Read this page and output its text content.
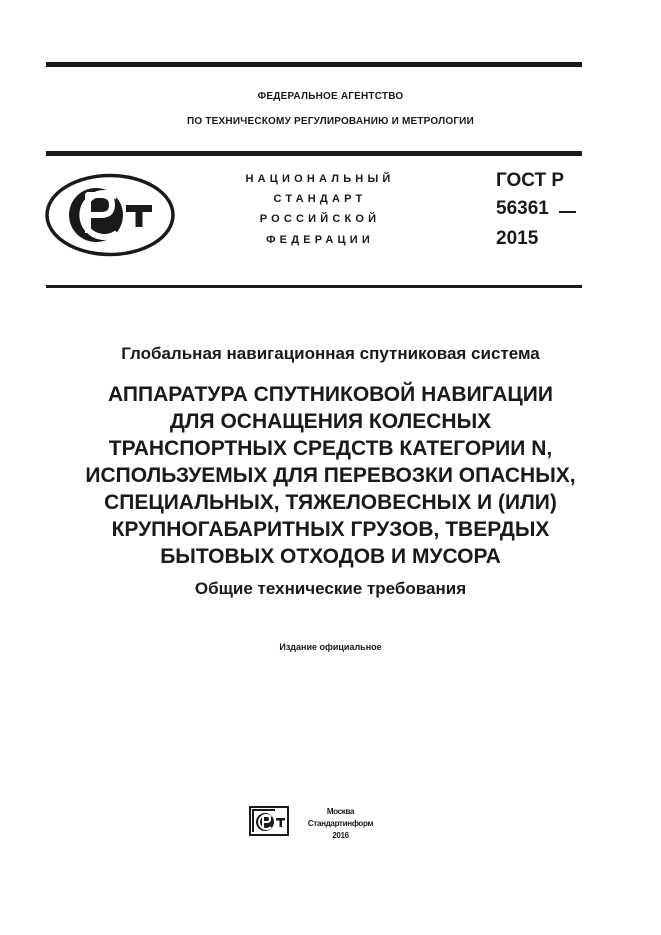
ФЕДЕРАЛЬНОЕ АГЕНТСТВО
ПО ТЕХНИЧЕСКОМУ РЕГУЛИРОВАНИЮ И МЕТРОЛОГИИ
НАЦИОНАЛЬНЫЙ
СТАНДАРТ
РОССИЙСКОЙ
ФЕДЕРАЦИИ
ГОСТ Р
56361
2015
Глобальная навигационная спутниковая система
АППАРАТУРА СПУТНИКОВОЙ НАВИГАЦИИ
ДЛЯ ОСНАЩЕНИЯ КОЛЕСНЫХ
ТРАНСПОРТНЫХ СРЕДСТВ КАТЕГОРИИ N,
ИСПОЛЬЗУЕМЫХ ДЛЯ ПЕРЕВОЗКИ ОПАСНЫХ,
СПЕЦИАЛЬНЫХ, ТЯЖЕЛОВЕСНЫХ И (ИЛИ)
КРУПНОГАБАРИТНЫХ ГРУЗОВ, ТВЕРДЫХ
БЫТОВЫХ ОТХОДОВ И МУСОРА
Общие технические требования
Издание официальное
Москва
Стандартинформ
2016
